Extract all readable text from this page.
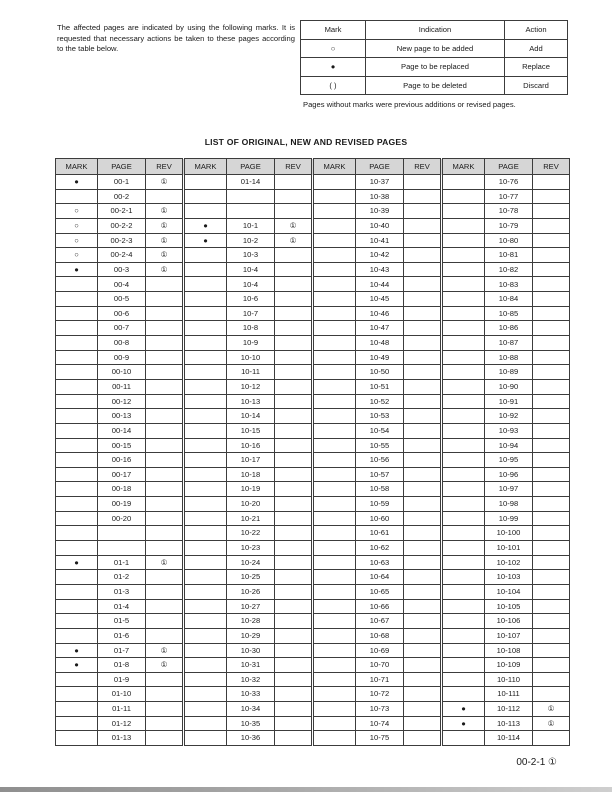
The affected pages are indicated by using the following marks. It is requested that necessary actions be taken to these pages according to the table below.
Mark	Indication	Action
○	New page to be added	Add
●	Page to be replaced	Replace
( )	Page to be deleted	Discard
Pages without marks were previous additions or revised pages.
LIST OF ORIGINAL, NEW AND REVISED PAGES
MARK	PAGE	REV	MARK	PAGE	REV	MARK	PAGE	REV	MARK	PAGE	REV
●	00-1	①		01-14			10-37			10-76	
	00-2						10-38			10-77	
○	00-2-1	①					10-39			10-78	
○	00-2-2	①	●	10-1	①		10-40			10-79	
○	00-2-3	①	●	10-2	①		10-41			10-80	
○	00-2-4	①		10-3			10-42			10-81	
●	00-3	①		10-4			10-43			10-82	
	00-4			10-4			10-44			10-83	
	00-5			10-6			10-45			10-84	
	00-6			10-7			10-46			10-85	
	00-7			10-8			10-47			10-86	
	00-8			10-9			10-48			10-87	
	00-9			10-10			10-49			10-88	
	00-10			10-11			10-50			10-89	
	00-11			10-12			10-51			10-90	
	00-12			10-13			10-52			10-91	
	00-13			10-14			10-53			10-92	
	00-14			10-15			10-54			10-93	
	00-15			10-16			10-55			10-94	
	00-16			10-17			10-56			10-95	
	00-17			10-18			10-57			10-96	
	00-18			10-19			10-58			10-97	
	00-19			10-20			10-59			10-98	
	00-20			10-21			10-60			10-99	
				10-22			10-61			10-100	
				10-23			10-62			10-101	
●	01-1	①		10-24			10-63			10-102	
	01-2			10-25			10-64			10-103	
	01-3			10-26			10-65			10-104	
	01-4			10-27			10-66			10-105	
	01-5			10-28			10-67			10-106	
	01-6			10-29			10-68			10-107	
●	01-7	①		10-30			10-69			10-108	
●	01-8	①		10-31			10-70			10-109	
	01-9			10-32			10-71			10-110	
	01-10			10-33			10-72			10-111	
	01-11			10-34			10-73		●	10-112	①
	01-12			10-35			10-74		●	10-113	①
	01-13			10-36			10-75			10-114	
00-2-1 ①
